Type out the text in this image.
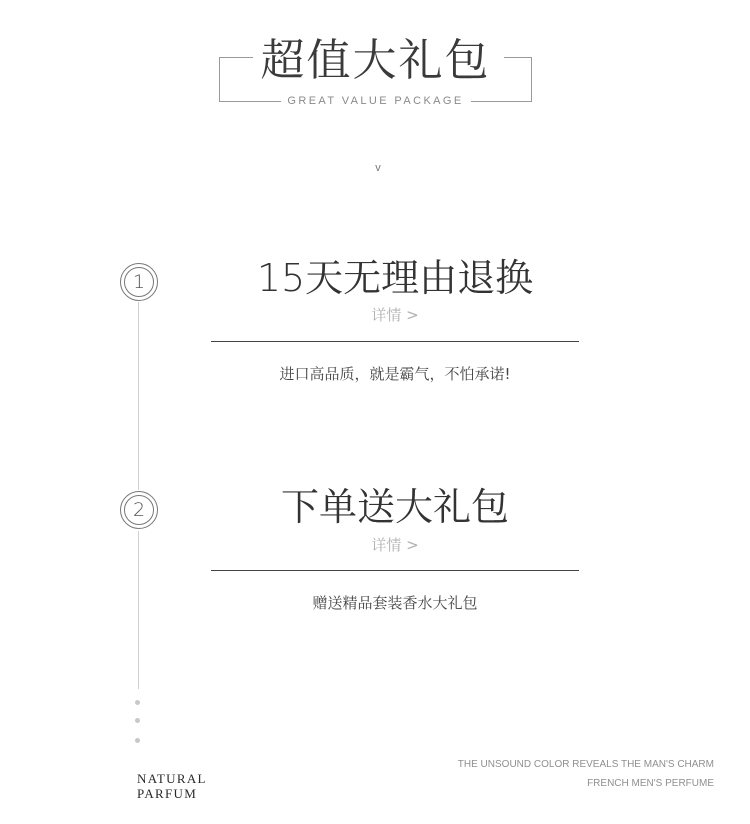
超值大礼包
GREAT VALUE PACKAGE
v
1
2
15天无理由退换
详情 >
进口高品质，就是霸气，不怕承诺!
下单送大礼包
详情 >
赠送精品套装香水大礼包
NATURAL
PARFUM
THE UNSOUND COLOR REVEALS THE MAN'S CHARM
FRENCH MEN'S PERFUME
